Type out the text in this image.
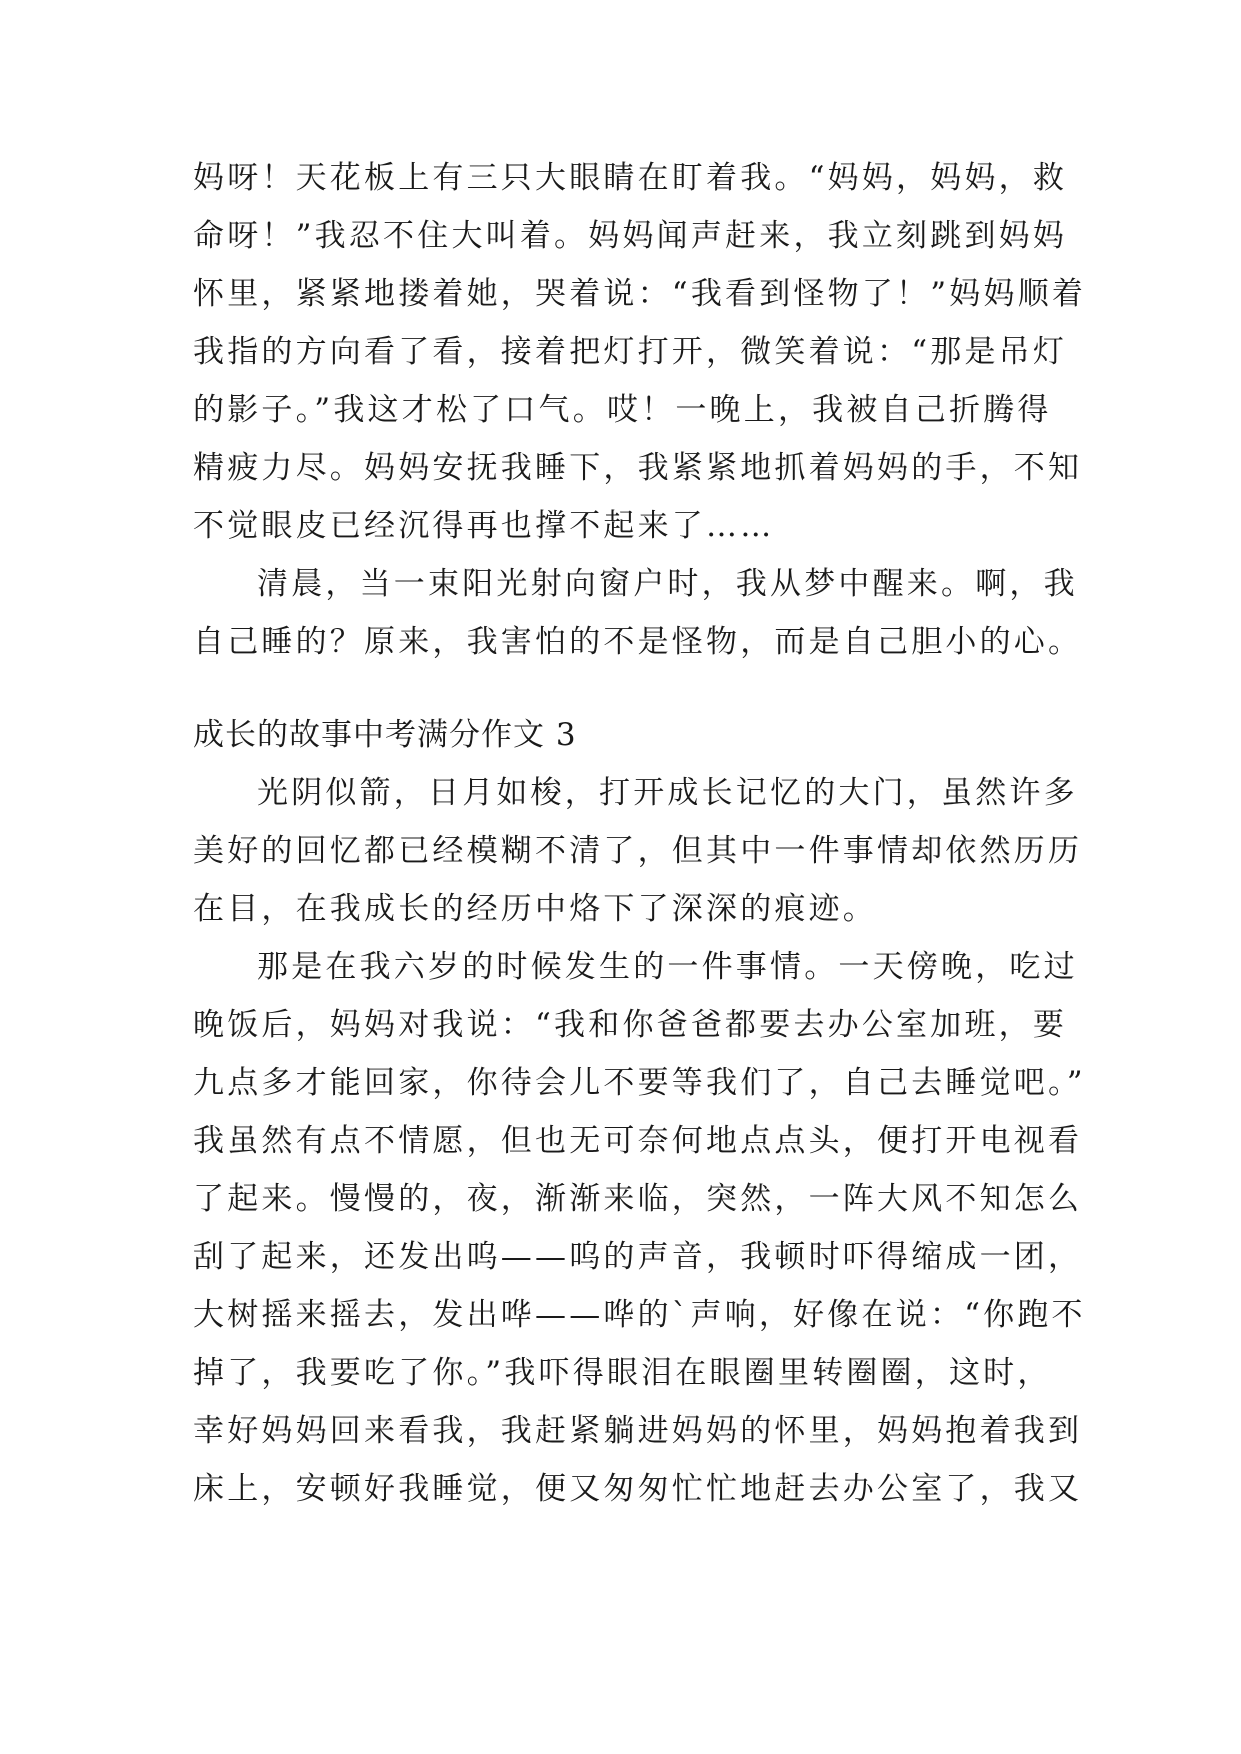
妈呀！天花板上有三只大眼睛在盯着我。“妈妈，妈妈，救
命呀！”我忍不住大叫着。妈妈闻声赶来，我立刻跳到妈妈
怀里，紧紧地搂着她，哭着说：“我看到怪物了！”妈妈顺着
我指的方向看了看，接着把灯打开，微笑着说：“那是吊灯
的影子。”我这才松了口气。哎！一晚上，我被自己折腾得
精疲力尽。妈妈安抚我睡下，我紧紧地抓着妈妈的手，不知
不觉眼皮已经沉得再也撑不起来了……
清晨，当一束阳光射向窗户时，我从梦中醒来。啊，我
自己睡的？原来，我害怕的不是怪物，而是自己胆小的心。
成长的故事中考满分作文 3
光阴似箭，日月如梭，打开成长记忆的大门，虽然许多
美好的回忆都已经模糊不清了，但其中一件事情却依然历历
在目，在我成长的经历中烙下了深深的痕迹。
那是在我六岁的时候发生的一件事情。一天傍晚，吃过
晚饭后，妈妈对我说：“我和你爸爸都要去办公室加班，要
九点多才能回家，你待会儿不要等我们了，自己去睡觉吧。”
我虽然有点不情愿，但也无可奈何地点点头，便打开电视看
了起来。慢慢的，夜，渐渐来临，突然，一阵大风不知怎么
刮了起来，还发出呜——呜的声音，我顿时吓得缩成一团，
大树摇来摇去，发出哗——哗的`声响，好像在说：“你跑不
掉了，我要吃了你。”我吓得眼泪在眼圈里转圈圈，这时，
幸好妈妈回来看我，我赶紧躺进妈妈的怀里，妈妈抱着我到
床上，安顿好我睡觉，便又匆匆忙忙地赶去办公室了，我又
